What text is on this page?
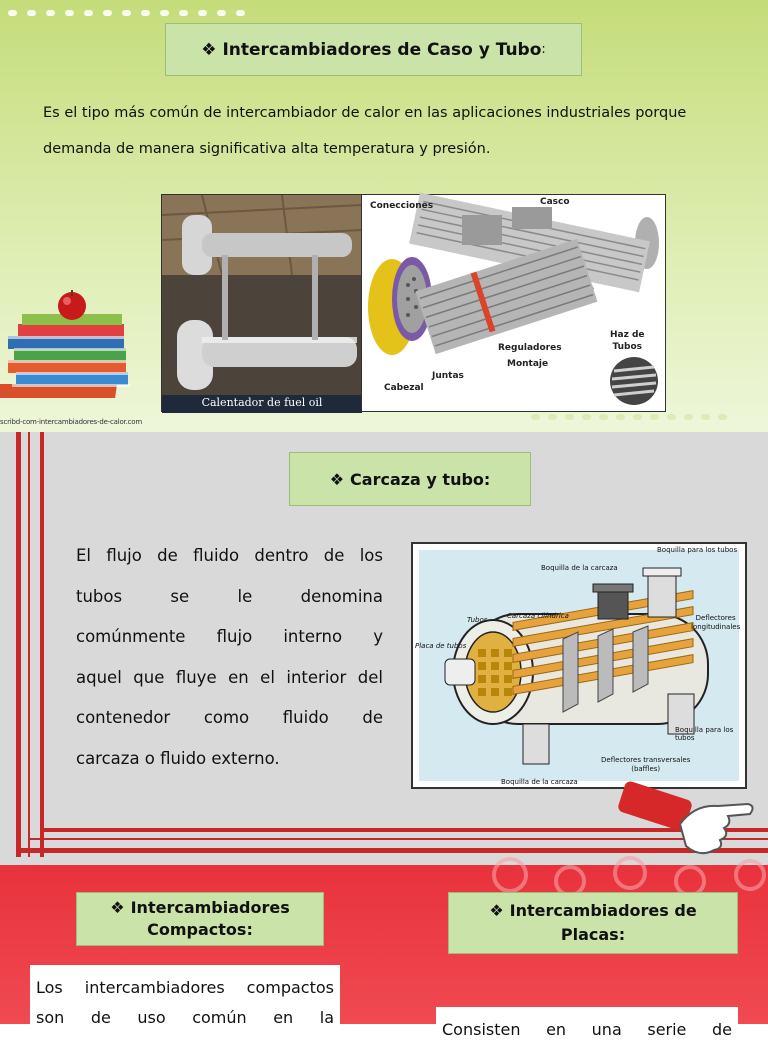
❖ Intercambiadores de Caso y Tubo :
Es el tipo más común de intercambiador de calor en las aplicaciones industriales porque
demanda de manera significativa alta temperatura y presión.
Calentador de fuel oil
Conecciones	Casco
Haz de
Tubos
Reguladores
Montaje
Juntas
Cabezal
scribd-com-intercambiadores-de-calor.com
❖ Carcaza y tubo:
El flujo de fluido dentro de los
tubos se le denomina
comúnmente flujo interno y
aquel que fluye en el interior del
contenedor como fluido de
carcaza o fluido externo.
Boquilla para los tubos
Boquilla de la carcaza
Deflectores
longitudinales
Tubos	Carcaza cilíndrica
Placa de tubos
Boquilla para los tubos
Deflectores transversales
(baffles)
Boquilla de la carcaza
❖ Intercambiadores
Compactos:
❖ Intercambiadores de
Placas:
Los intercambiadores compactos
son de uso común en la
Consisten en una serie de
